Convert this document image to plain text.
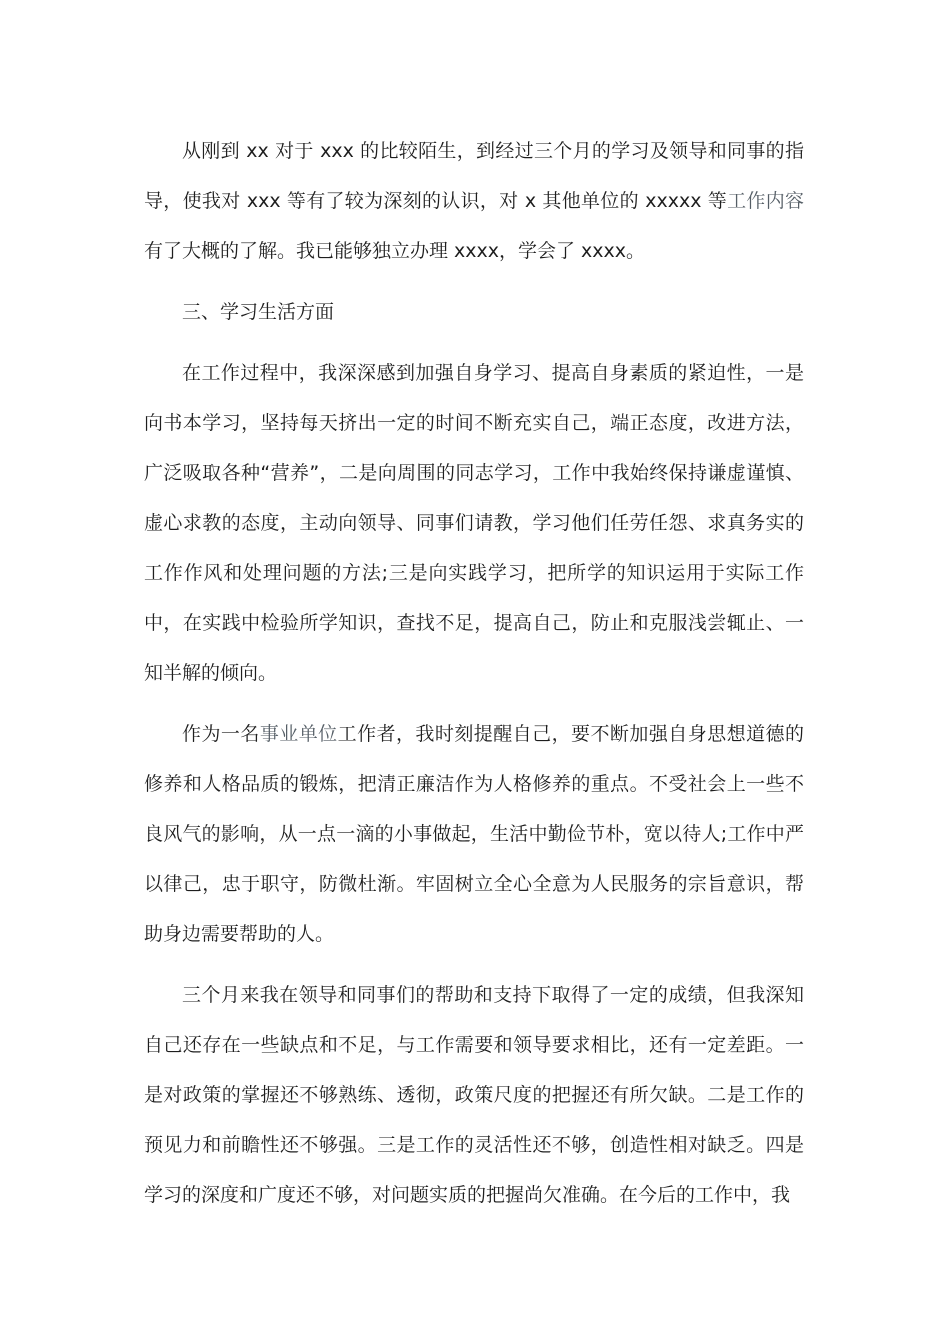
从刚到 xx 对于 xxx 的比较陌生，到经过三个月的学习及领导和同事的指导，使我对 xxx 等有了较为深刻的认识，对 x 其他单位的 xxxxx 等工作内容有了大概的了解。我已能够独立办理 xxxx，学会了 xxxx。

三、学习生活方面

在工作过程中，我深深感到加强自身学习、提高自身素质的紧迫性，一是向书本学习，坚持每天挤出一定的时间不断充实自己，端正态度，改进方法，广泛吸取各种“营养”，二是向周围的同志学习，工作中我始终保持谦虚谨慎、虚心求教的态度，主动向领导、同事们请教，学习他们任劳任怨、求真务实的工作作风和处理问题的方法;三是向实践学习，把所学的知识运用于实际工作中，在实践中检验所学知识，查找不足，提高自己，防止和克服浅尝辄止、一知半解的倾向。

作为一名事业单位工作者，我时刻提醒自己，要不断加强自身思想道德的修养和人格品质的锻炼，把清正廉洁作为人格修养的重点。不受社会上一些不良风气的影响，从一点一滴的小事做起，生活中勤俭节朴，宽以待人;工作中严以律己，忠于职守，防微杜渐。牢固树立全心全意为人民服务的宗旨意识，帮助身边需要帮助的人。

三个月来我在领导和同事们的帮助和支持下取得了一定的成绩，但我深知自己还存在一些缺点和不足，与工作需要和领导要求相比，还有一定差距。一是对政策的掌握还不够熟练、透彻，政策尺度的把握还有所欠缺。二是工作的预见力和前瞻性还不够强。三是工作的灵活性还不够，创造性相对缺乏。四是学习的深度和广度还不够，对问题实质的把握尚欠准确。在今后的工作中，我
